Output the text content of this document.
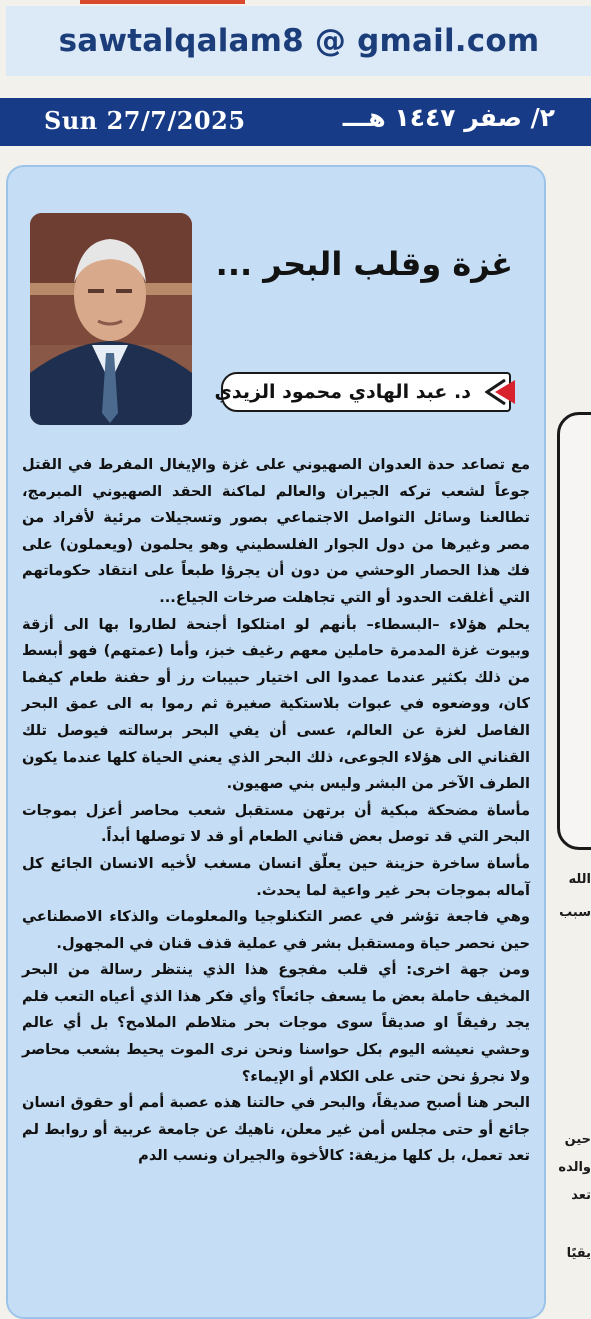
sawtalqalam8 @ gmail.com
Sun 27/7/2025	٢/ صفر ١٤٤٧ هـــ
غزة وقلب البحر ...
د. عبد الهادي محمود الزيدي

مع تصاعد حدة العدوان الصهيوني على غزة والإيغال المفرط في القتل جوعاً لشعب تركه الجيران والعالم لماكنة الحقد الصهيوني المبرمج، تطالعنا وسائل التواصل الاجتماعي بصور وتسجيلات مرئية لأفراد من مصر وغيرها من دول الجوار الفلسطيني وهو يحلمون (ويعملون) على فك هذا الحصار الوحشي من دون أن يجرؤا طبعاً على انتقاد حكوماتهم التي أغلقت الحدود أو التي تجاهلت صرخات الجياع...

يحلم هؤلاء –البسطاء– بأنهم لو امتلكوا أجنحة لطاروا بها الى أزقة وبيوت غزة المدمرة حاملين معهم رغيف خبز، وأما (عمتهم) فهو أبسط من ذلك بكثير عندما عمدوا الى اختيار حبيبات رز أو حفنة طعام كيفما كان، ووضعوه في عبوات بلاستكية صغيرة ثم رموا به الى عمق البحر الفاصل لغزة عن العالم، عسى أن يفي البحر برسالته فيوصل تلك القناني الى هؤلاء الجوعى، ذلك البحر الذي يعني الحياة كلها عندما يكون الطرف الآخر من البشر وليس بني صهيون.

مأساة مضحكة مبكية أن برتهن مستقبل شعب محاصر أعزل بموجات البحر التي قد توصل بعض قناني الطعام أو قد لا توصلها أبداً.

مأساة ساخرة حزينة حين يعلّق انسان مسغب لأخيه الانسان الجائع كل آماله بموجات بحر غير واعية لما يحدث.

وهي فاجعة تؤشر في عصر التكنلوجيا والمعلومات والذكاء الاصطناعي حين نحصر حياة ومستقبل بشر في عملية قذف قنان في المجهول.

ومن جهة اخرى: أي قلب مفجوع هذا الذي ينتظر رسالة من البحر المخيف حاملة بعض ما يسعف جائعاً؟ وأي فكر هذا الذي أعياه التعب فلم يجد رفيقاً او صديقاً سوى موجات بحر متلاطم الملامح؟ بل أي عالم وحشي نعيشه اليوم بكل حواسنا ونحن نرى الموت يحيط بشعب محاصر ولا نجرؤ نحن حتى على الكلام أو الإيماء؟

البحر هنا أصبح صديقاً، والبحر في حالتنا هذه عصبة أمم أو حقوق انسان جائع أو حتى مجلس أمن غير معلن، ناهيك عن جامعة عربية أو روابط لم تعد تعمل، بل كلها مزيفة: كالأخوة والجيران ونسب الدم

الله
سبب
حين
والده
تعد
يقيًا
